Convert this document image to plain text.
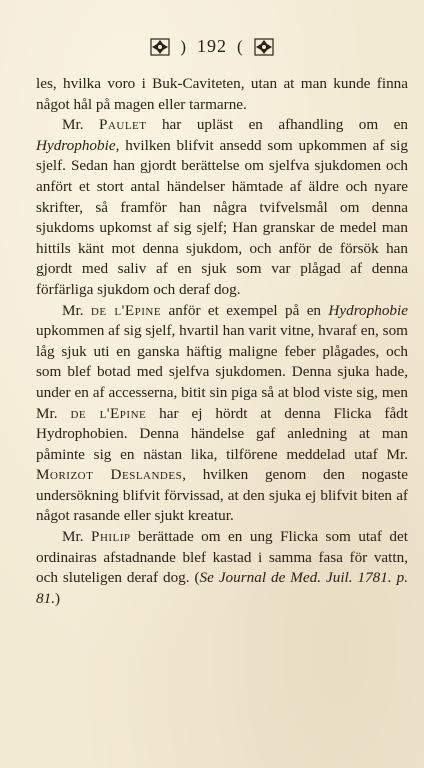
) 192 (

les, hvilka voro i Buk-Caviteten, utan at man kunde finna något hål på magen eller tarmarne.

Mr. Paulet har upläst en afhandling om en Hydrophobie, hvilken blifvit ansedd som upkommen af sig sjelf. Sedan han gjordt berättelse om sjelfva sjukdomen och anfört et stort antal händelser hämtade af äldre och nyare skrifter, så framför han några tvifvelsmål om denna sjukdoms upkomst af sig sjelf; Han granskar de medel man hittils känt mot denna sjukdom, och anför de försök han gjordt med saliv af en sjuk som var plågad af denna förfärliga sjukdom och deraf dog.

Mr. de l'Epine anför et exempel på en Hydrophobie upkommen af sig sjelf, hvartil han varit vitne, hvaraf en, som låg sjuk uti en ganska häftig maligne feber plågades, och som blef botad med sjelfva sjukdomen. Denna sjuka hade, under en af accesserna, bitit sin piga så at blod viste sig, men Mr. de l'Epine har ej hördt at denna Flicka fådt Hydrophobien. Denna händelse gaf anledning at man påminte sig en nästan lika, tilförene meddelad utaf Mr. Morizot Deslandes, hvilken genom den nogaste undersökning blifvit förvissad, at den sjuka ej blifvit biten af något rasande eller sjukt kreatur.

Mr. Philip berättade om en ung Flicka som utaf det ordinairas afstadnande blef kastad i samma fasa för vattn, och sluteligen deraf dog. (Se Journal de Med. Juil. 1781. p. 81.)
